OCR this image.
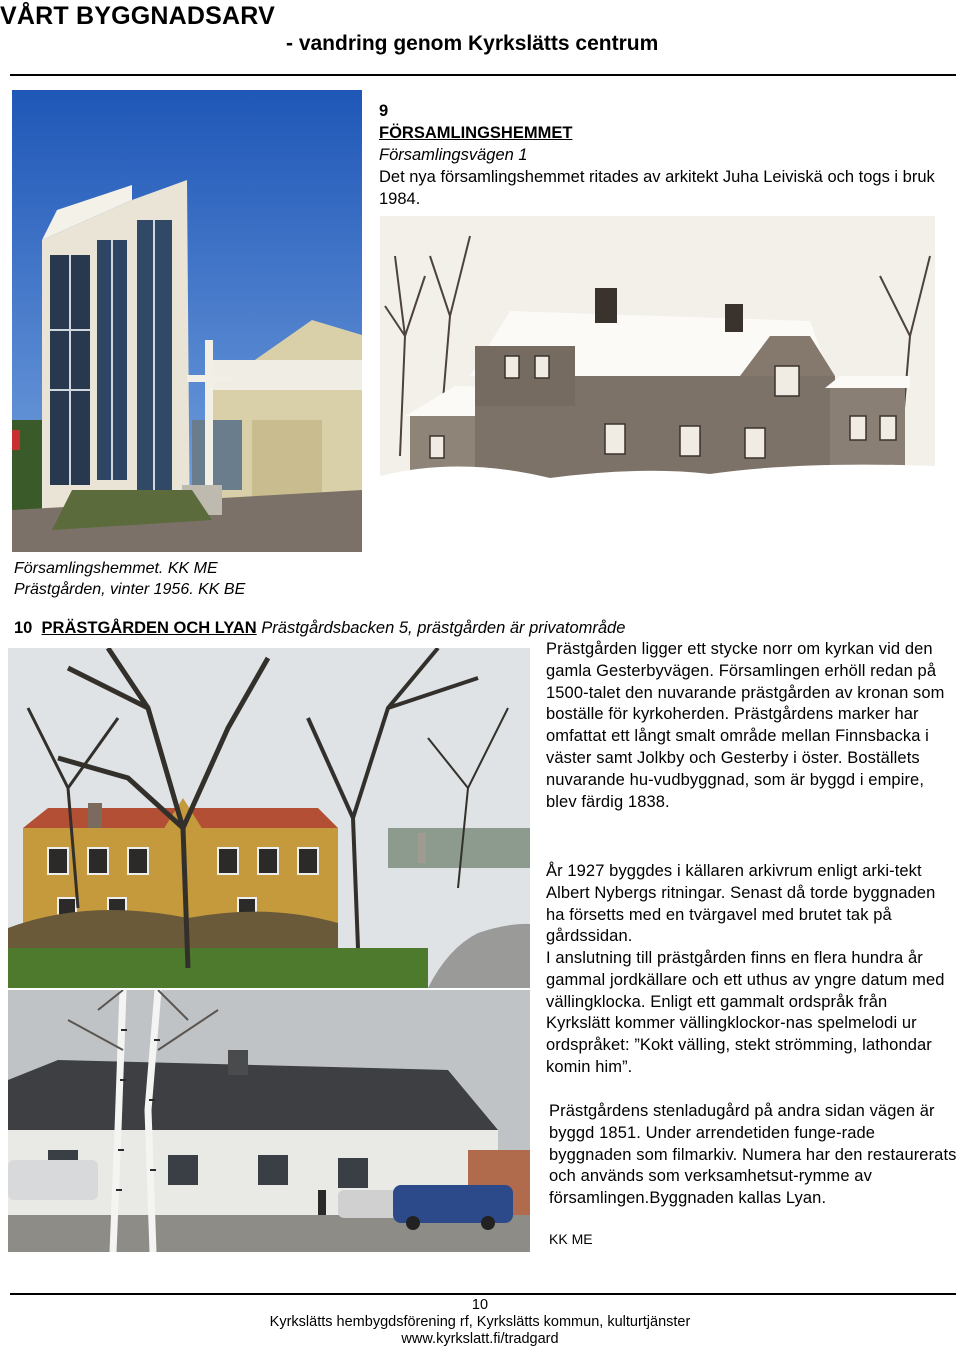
VÅRT BYGGNADSARV
- vandring genom Kyrkslätts centrum
9
FÖRSAMLINGSHEMMET
Församlingsvägen 1
Det nya församlingshemmet ritades av arkitekt Juha Leiviskä och togs i bruk 1984.
Församlingshemmet. KK ME
Prästgården, vinter 1956. KK BE
10 PRÄSTGÅRDEN OCH LYAN Prästgårdsbacken 5, prästgården är privatområde
Prästgården ligger ett stycke norr om kyrkan vid den gamla Gesterbyvägen. Församlingen erhöll redan på 1500-talet den nuvarande prästgården av kronan som boställe för kyrkoherden. Prästgårdens marker har omfattat ett långt smalt område mellan Finnsbacka i väster samt Jolkby och Gesterby i öster. Boställets nuvarande hu-vudbyggnad, som är byggd i empire, blev färdig 1838.
År 1927 byggdes i källaren arkivrum enligt arki-tekt Albert Nybergs ritningar. Senast då torde byggnaden ha försetts med en tvärgavel med brutet tak på gårdssidan.
I anslutning till prästgården finns en flera hundra år gammal jordkällare och ett uthus av yngre datum med vällingklocka. Enligt ett gammalt ordspråk från Kyrkslätt kommer vällingklockor-nas spelmelodi ur ordspråket: ”Kokt välling, stekt strömming, lathondar komin him”.
Prästgårdens stenladugård på andra sidan vägen är byggd 1851. Under arrendetiden funge-rade byggnaden som filmarkiv. Numera har den restaurerats och används som verksamhetsut-rymme av församlingen.Byggnaden kallas Lyan.
KK ME
10
Kyrkslätts hembygdsförening rf, Kyrkslätts kommun, kulturtjänster
www.kyrkslatt.fi/tradgard
